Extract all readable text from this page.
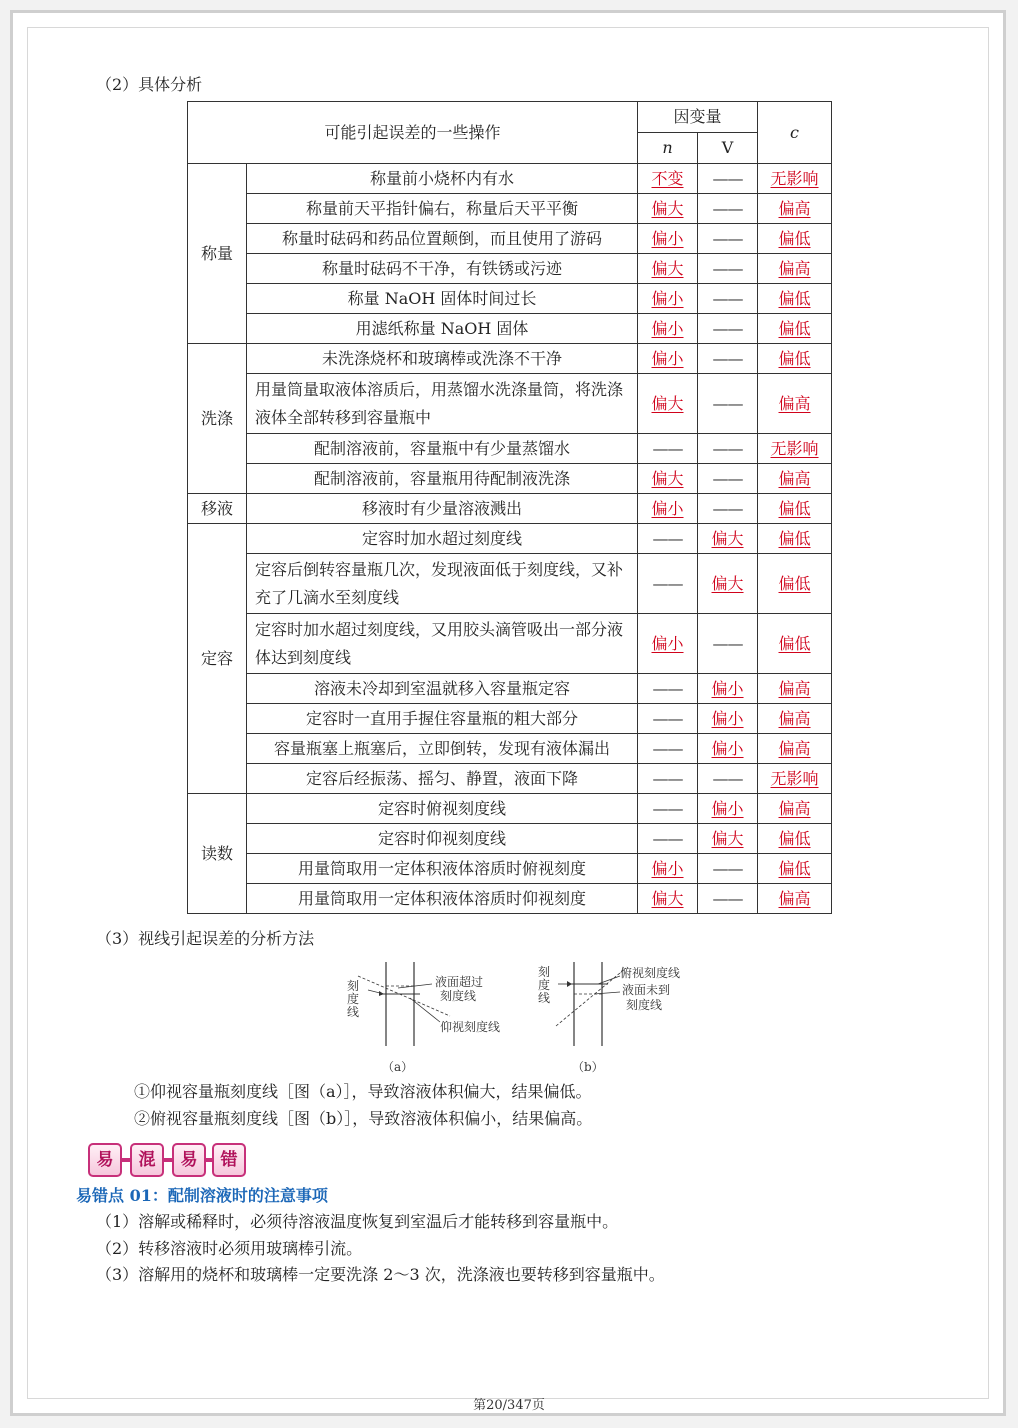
（2）具体分析
可能引起误差的一些操作		因变量		c
		n	V	
称量	称量前小烧杯内有水	不变	——	无影响
	称量前天平指针偏右，称量后天平平衡	偏大	——	偏高
	称量时砝码和药品位置颠倒，而且使用了游码	偏小	——	偏低
	称量时砝码不干净，有铁锈或污迹	偏大	——	偏高
	称量 NaOH 固体时间过长	偏小	——	偏低
	用滤纸称量 NaOH 固体	偏小	——	偏低
洗涤	未洗涤烧杯和玻璃棒或洗涤不干净	偏小	——	偏低
	用量筒量取液体溶质后，用蒸馏水洗涤量筒，将洗涤液体全部转移到容量瓶中	偏大	——	偏高
	配制溶液前，容量瓶中有少量蒸馏水	——	——	无影响
	配制溶液前，容量瓶用待配制液洗涤	偏大	——	偏高
移液	移液时有少量溶液溅出	偏小	——	偏低
定容	定容时加水超过刻度线	——	偏大	偏低
	定容后倒转容量瓶几次，发现液面低于刻度线，又补充了几滴水至刻度线	——	偏大	偏低
	定容时加水超过刻度线，又用胶头滴管吸出一部分液体达到刻度线	偏小	——	偏低
	溶液未冷却到室温就移入容量瓶定容	——	偏小	偏高
	定容时一直用手握住容量瓶的粗大部分	——	偏小	偏高
	容量瓶塞上瓶塞后，立即倒转，发现有液体漏出	——	偏小	偏高
	定容后经振荡、摇匀、静置，液面下降	——	——	无影响
读数	定容时俯视刻度线	——	偏小	偏高
	定容时仰视刻度线	——	偏大	偏低
	用量筒取用一定体积液体溶质时俯视刻度	偏小	——	偏低
	用量筒取用一定体积液体溶质时仰视刻度	偏大	——	偏高
（3）视线引起误差的分析方法
刻度线
液面超过
刻度线
仰视刻度线
（a）
刻度线
俯视刻度线
液面未到
刻度线
（b）
①仰视容量瓶刻度线［图（a）］，导致溶液体积偏大，结果偏低。
②俯视容量瓶刻度线［图（b）］，导致溶液体积偏小，结果偏高。
易	混	易	错
易错点 01：配制溶液时的注意事项
（1）溶解或稀释时，必须待溶液温度恢复到室温后才能转移到容量瓶中。
（2）转移溶液时必须用玻璃棒引流。
（3）溶解用的烧杯和玻璃棒一定要洗涤 2～3 次，洗涤液也要转移到容量瓶中。
第20/347页
